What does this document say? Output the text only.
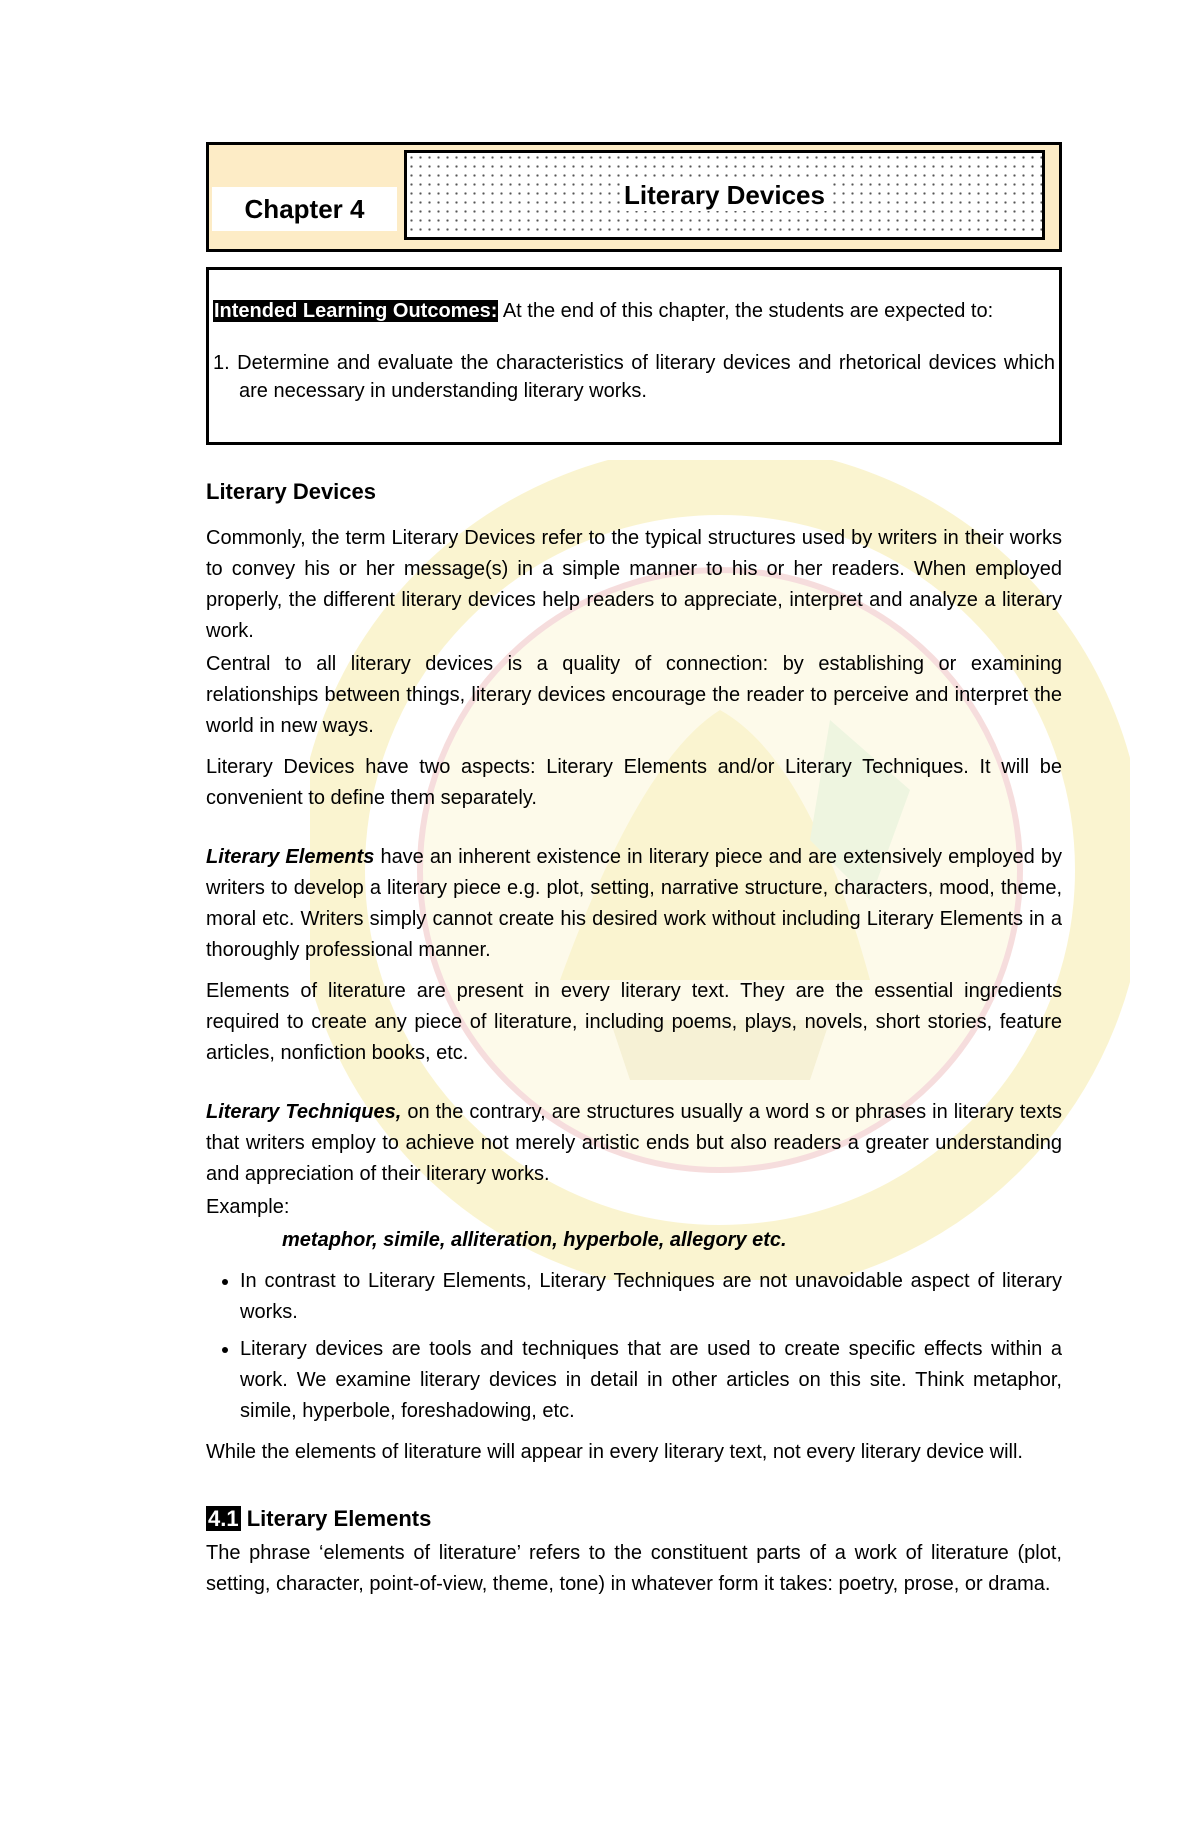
Chapter 4	Literary Devices
Intended Learning Outcomes: At the end of this chapter, the students are expected to:
1. Determine and evaluate the characteristics of literary devices and rhetorical devices which are necessary in understanding literary works.
Literary Devices

Commonly, the term Literary Devices refer to the typical structures used by writers in their works to convey his or her message(s) in a simple manner to his or her readers. When employed properly, the different literary devices help readers to appreciate, interpret and analyze a literary work.

Central to all literary devices is a quality of connection: by establishing or examining relationships between things, literary devices encourage the reader to perceive and interpret the world in new ways.

Literary Devices have two aspects: Literary Elements and/or Literary Techniques. It will be convenient to define them separately.

Literary Elements have an inherent existence in literary piece and are extensively employed by writers to develop a literary piece e.g. plot, setting, narrative structure, characters, mood, theme, moral etc. Writers simply cannot create his desired work without including Literary Elements in a thoroughly professional manner.

Elements of literature are present in every literary text. They are the essential ingredients required to create any piece of literature, including poems, plays, novels, short stories, feature articles, nonfiction books, etc.

Literary Techniques, on the contrary, are structures usually a word s or phrases in literary texts that writers employ to achieve not merely artistic ends but also readers a greater understanding and appreciation of their literary works.

Example:

metaphor, simile, alliteration, hyperbole, allegory etc.
• In contrast to Literary Elements, Literary Techniques are not unavoidable aspect of literary works.
• Literary devices are tools and techniques that are used to create specific effects within a work. We examine literary devices in detail in other articles on this site. Think metaphor, simile, hyperbole, foreshadowing, etc.

While the elements of literature will appear in every literary text, not every literary device will.

4.1 Literary Elements

The phrase ‘elements of literature’ refers to the constituent parts of a work of literature (plot, setting, character, point-of-view, theme, tone) in whatever form it takes: poetry, prose, or drama.
